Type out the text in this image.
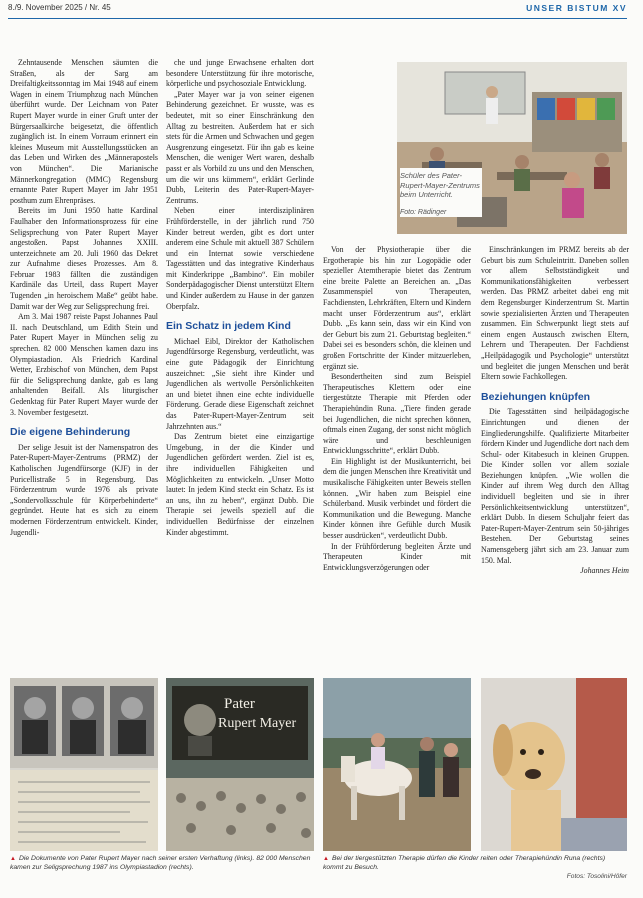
8./9. November 2025 / Nr. 45	UNSER BISTUM XV

Zehntausende Menschen säumten die Straßen, als der Sarg am Dreifaltigkeitssonntag im Mai 1948 auf einem Wagen in einem Triumphzug nach München überführt wurde. Der Leichnam von Pater Rupert Mayer wurde in einer Gruft unter der Bürgersaalkirche beigesetzt, die öffentlich zugänglich ist. In einem Vorraum erinnert ein kleines Museum mit Ausstellungsstücken an das Leben und Wirken des „Männerapostels von München“. Die Marianische Männerkongregation (MMC) Regensburg ernannte Pater Rupert Mayer im Jahr 1951 posthum zum Ehrenpräses.

Bereits im Juni 1950 hatte Kardinal Faulhaber den Informationsprozess für eine Seligsprechung von Pater Rupert Mayer angestoßen. Papst Johannes XXIII. unterzeichnete am 20. Juli 1960 das Dekret zur Aufnahme dieses Prozesses. Am 8. Februar 1983 fällten die zuständigen Kardinäle das Urteil, dass Rupert Mayer Tugenden „in heroischem Maße“ geübt habe. Damit war der Weg zur Seligsprechung frei.

Am 3. Mai 1987 reiste Papst Johannes Paul II. nach Deutschland, um Edith Stein und Pater Rupert Mayer in München selig zu sprechen. 82 000 Menschen kamen dazu ins Olympiastadion. Als Friedrich Kardinal Wetter, Erzbischof von München, dem Papst für die Seligsprechung dankte, gab es lang anhaltenden Beifall. Als liturgischer Gedenktag für Pater Rupert Mayer wurde der 3. November festgesetzt.

Die eigene Behinderung

Der selige Jesuit ist der Namenspatron des Pater-Rupert-Mayer-Zentrums (PRMZ) der Katholischen Jugendfürsorge (KJF) in der Puricellistraße 5 in Regensburg. Das Förderzentrum wurde 1976 als private „Sondervolksschule für Körperbehinderte“ gegründet. Heute hat es sich zu einem modernen Förderzentrum entwickelt. Kinder, Jugendli-

che und junge Erwachsene erhalten dort besondere Unterstützung für ihre motorische, körperliche und psychosoziale Entwicklung.

„Pater Mayer war ja von seiner eigenen Behinderung gezeichnet. Er wusste, was es bedeutet, mit so einer Einschränkung den Alltag zu bestreiten. Außerdem hat er sich stets für die Armen und Schwachen und gegen Ausgrenzung eingesetzt. Für ihn gab es keine Menschen, die weniger Wert waren, deshalb passt er als Vorbild zu uns und den Menschen, um die wir uns kümmern“, erklärt Gerlinde Dubb, Leiterin des Pater-Rupert-Mayer-Zentrums.

Neben einer interdisziplinären Frühförderstelle, in der jährlich rund 750 Kinder betreut werden, gibt es dort unter anderem eine Schule mit aktuell 387 Schülern und ein Internat sowie verschiedene Tagesstätten und das integrative Kinderhaus mit Kinderkrippe „Bambino“. Ein mobiler Sonderpädagogischer Dienst unterstützt Eltern und Kinder außerdem zu Hause in der ganzen Oberpfalz.

Ein Schatz in jedem Kind

Michael Eibl, Direktor der Katholischen Jugendfürsorge Regensburg, verdeutlicht, was eine gute Pädagogik der Einrichtung auszeichnet: „Sie sieht ihre Kinder und Jugendlichen als wertvolle Persönlichkeiten an und bietet ihnen eine echte individuelle Förderung. Gerade diese Eigenschaft zeichnet das Pater-Rupert-Mayer-Zentrum seit Jahrzehnten aus.“

Das Zentrum bietet eine einzigartige Umgebung, in der die Kinder und Jugendlichen gefördert werden. Ziel ist es, ihre individuellen Fähigkeiten und Möglichkeiten zu entwickeln. „Unser Motto lautet: In jedem Kind steckt ein Schatz. Es ist an uns, ihn zu heben“, ergänzt Dubb. Die Therapie sei jeweils speziell auf die individuellen Bedürfnisse der einzelnen Kinder abgestimmt.

Von der Physiotherapie über die Ergotherapie bis hin zur Logopädie oder spezieller Atemtherapie bietet das Zentrum eine breite Palette an Bereichen an. „Das Zusammenspiel von Therapeuten, Fachdiensten, Lehrkräften, Eltern und Kindern macht unser Förderzentrum aus“, erklärt Dubb. „Es kann sein, dass wir ein Kind von der Geburt bis zum 21. Geburtstag begleiten.“ Dabei sei es besonders schön, die kleinen und großen Fortschritte der Kinder mitzuerleben, ergänzt sie.

Besondertheiten sind zum Beispiel Therapeutisches Klettern oder eine tiergestützte Therapie mit Pferden oder Therapiehündin Runa. „Tiere finden gerade bei Jugendlichen, die nicht sprechen können, oftmals einen Zugang, der sonst nicht möglich wäre und beschleunigen Entwicklungsschritte“, erklärt Dubb.

Ein Highlight ist der Musikunterricht, bei dem die jungen Menschen ihre Kreativität und musikalische Fähigkeiten unter Beweis stellen können. „Wir haben zum Beispiel eine Schülerband. Musik verbindet und fördert die Kommunikation und die Bewegung. Manche Kinder können ihre Gefühle durch Musik besser ausdrücken“, verdeutlicht Dubb.

In der Frühförderung begleiten Ärzte und Therapeuten Kinder mit Entwicklungsverzögerungen oder

Einschränkungen im PRMZ bereits ab der Geburt bis zum Schuleintritt. Daneben sollen vor allem Selbstständigkeit und Kommunikationsfähigkeiten verbessert werden. Das PRMZ arbeitet dabei eng mit dem Regensburger Kinderzentrum St. Martin sowie spezialisierten Ärzten und Therapeuten zusammen. Ein Schwerpunkt liegt stets auf einem engen Austausch zwischen Eltern, Lehrern und Therapeuten. Der Fachdienst „Heilpädagogik und Psychologie“ unterstützt und begleitet die jungen Menschen und berät Eltern sowie Fachkollegen.

Beziehungen knüpfen

Die Tagesstätten sind heilpädagogische Einrichtungen und dienen der Eingliederungshilfe. Qualifizierte Mitarbeiter fördern Kinder und Jugendliche dort nach dem Schul- oder Kitabesuch in kleinen Gruppen. Die Kinder sollen vor allem soziale Beziehungen knüpfen. „Wie wollen die Kinder auf ihrem Weg durch den Alltag individuell begleiten und sie in ihrer Persönlichkeitsentwicklung unterstützen“, erklärt Dubb. In diesem Schuljahr feiert das Pater-Rupert-Mayer-Zentrum sein 50-jähriges Bestehen. Der Geburtstag seines Namensgeberg jährt sich am 23. Januar zum 150. Mal.

Johannes Heim

Schüler des Pater-Rupert-Mayer-Zentrums beim Unterricht.
Foto: Rädinger
Pater
Rupert Mayer
▲ Die Dokumente von Pater Rupert Mayer nach seiner ersten Verhaftung (links). 82 000 Menschen kamen zur Seligsprechung 1987 ins Olympiastadion (rechts).
▲ Bei der tiergestützten Therapie dürfen die Kinder reiten oder Therapiehündin Runa (rechts) kommt zu Besuch.
Fotos: Tosolini/Höfer
